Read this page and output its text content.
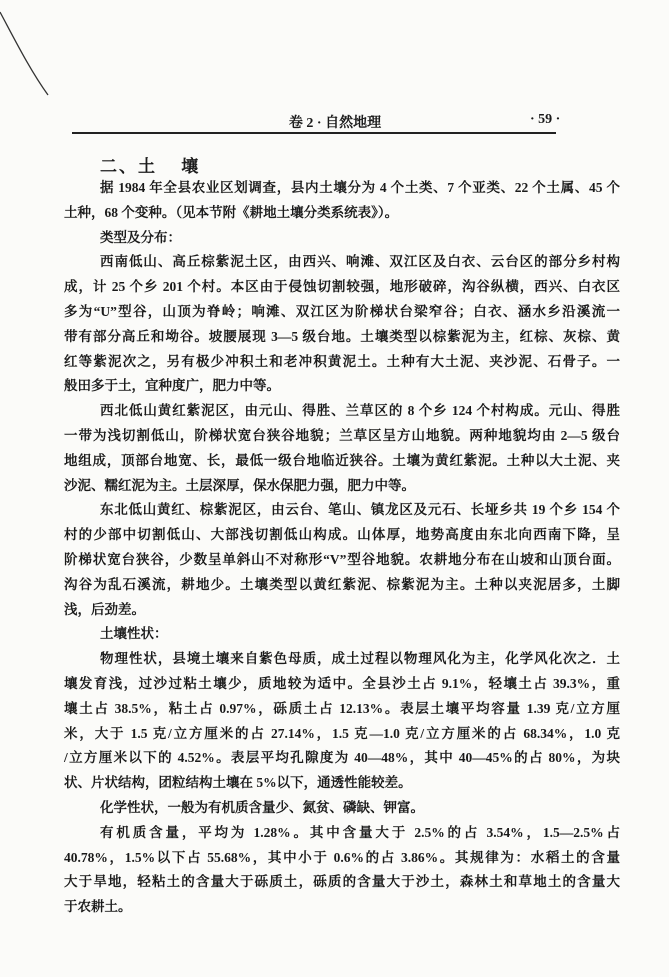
卷 2 · 自然地理	· 59 ·
二、土 壤
据 1984 年全县农业区划调查，县内土壤分为 4 个土类、7 个亚类、22 个土属、45 个
土种，68 个变种。（见本节附《耕地土壤分类系统表》）。
类型及分布：
西南低山、高丘棕紫泥土区，由西兴、响滩、双江区及白衣、云台区的部分乡村构
成，计 25 个乡 201 个村。本区由于侵蚀切割较强，地形破碎，沟谷纵横，西兴、白衣区
多为“U”型谷，山顶为脊岭；响滩、双江区为阶梯状台梁窄谷；白衣、涵水乡沿溪流一
带有部分高丘和坳谷。坡腰展现 3—5 级台地。土壤类型以棕紫泥为主，红棕、灰棕、黄
红等紫泥次之，另有极少冲积土和老冲积黄泥土。土种有大土泥、夹沙泥、石骨子。一
般田多于土，宜种度广，肥力中等。
西北低山黄红紫泥区，由元山、得胜、兰草区的 8 个乡 124 个村构成。元山、得胜
一带为浅切割低山，阶梯状宽台狭谷地貌；兰草区呈方山地貌。两种地貌均由 2—5 级台
地组成，顶部台地宽、长，最低一级台地临近狭谷。土壤为黄红紫泥。土种以大土泥、夹
沙泥、糯红泥为主。土层深厚，保水保肥力强，肥力中等。
东北低山黄红、棕紫泥区，由云台、笔山、镇龙区及元石、长垭乡共 19 个乡 154 个
村的少部中切割低山、大部浅切割低山构成。山体厚，地势高度由东北向西南下降，呈
阶梯状宽台狭谷，少数呈单斜山不对称形“V”型谷地貌。农耕地分布在山坡和山顶台面。
沟谷为乱石溪流，耕地少。土壤类型以黄红紫泥、棕紫泥为主。土种以夹泥居多，土脚
浅，后劲差。
土壤性状：
物理性状，县境土壤来自紫色母质，成土过程以物理风化为主，化学风化次之．土
壤发育浅，过沙过粘土壤少，质地较为适中。全县沙土占 9.1%，轻壤土占 39.3%，重
壤土占 38.5%，粘土占 0.97%，砾质土占 12.13%。表层土壤平均容量 1.39 克/立方厘
米，大于 1.5 克/立方厘米的占 27.14%，1.5 克—1.0 克/立方厘米的占 68.34%，1.0 克
/立方厘米以下的 4.52%。表层平均孔隙度为 40—48%，其中 40—45%的占 80%，为块
状、片状结构，团粒结构土壤在 5%以下，通透性能较差。
化学性状，一般为有机质含量少、氮贫、磷缺、钾富。
有机质含量，平均为 1.28%。其中含量大于 2.5%的占 3.54%，1.5—2.5%占
40.78%，1.5%以下占 55.68%，其中小于 0.6%的占 3.86%。其规律为：水稻土的含量
大于旱地，轻粘土的含量大于砾质土，砾质的含量大于沙土，森林土和草地土的含量大
于农耕土。
